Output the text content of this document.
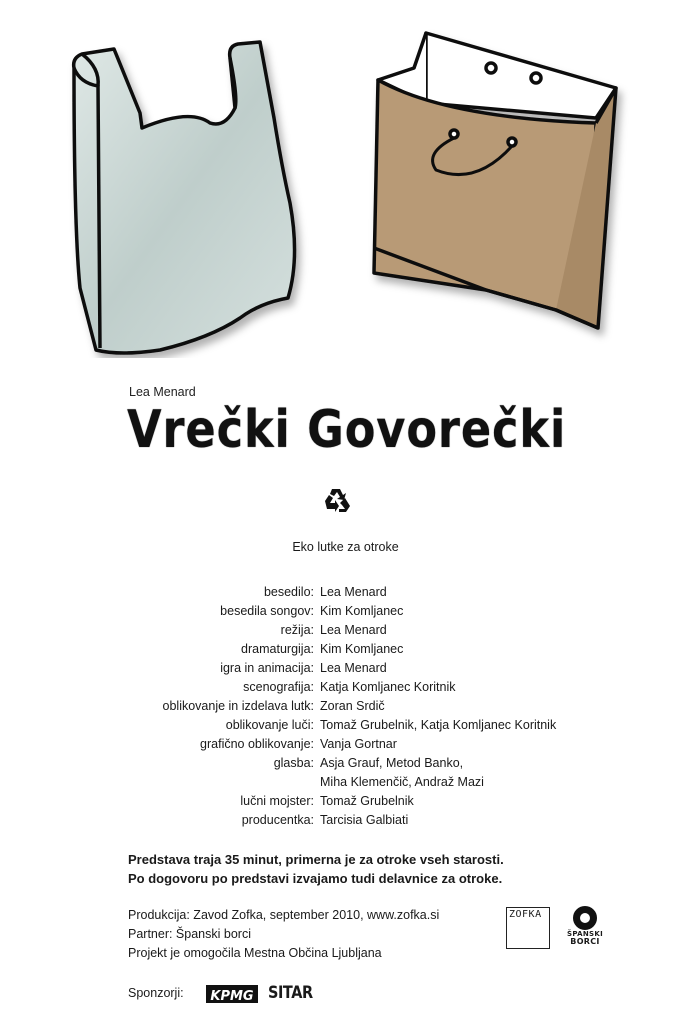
Lea Menard
Vrečki Govorečki
Eko lutke za otroke
besedilo: Lea Menard
besedila songov: Kim Komljanec
režija: Lea Menard
dramaturgija: Kim Komljanec
igra in animacija: Lea Menard
scenografija: Katja Komljanec Koritnik
oblikovanje in izdelava lutk: Zoran Srdič
oblikovanje luči: Tomaž Grubelnik, Katja Komljanec Koritnik
grafično oblikovanje: Vanja Gortnar
glasba: Asja Grauf, Metod Banko,
Miha Klemenčič, Andraž Mazi
lučni mojster: Tomaž Grubelnik
producentka: Tarcisia Galbiati
Predstava traja 35 minut, primerna je za otroke vseh starosti.
Po dogovoru po predstavi izvajamo tudi delavnice za otroke.
Produkcija: Zavod Zofka, september 2010, www.zofka.si
Partner: Španski borci
Projekt je omogočila Mestna Občina Ljubljana
ZOFKA
ŠPANSKI
BORCI
Sponzorji:	KPMG SITAR
